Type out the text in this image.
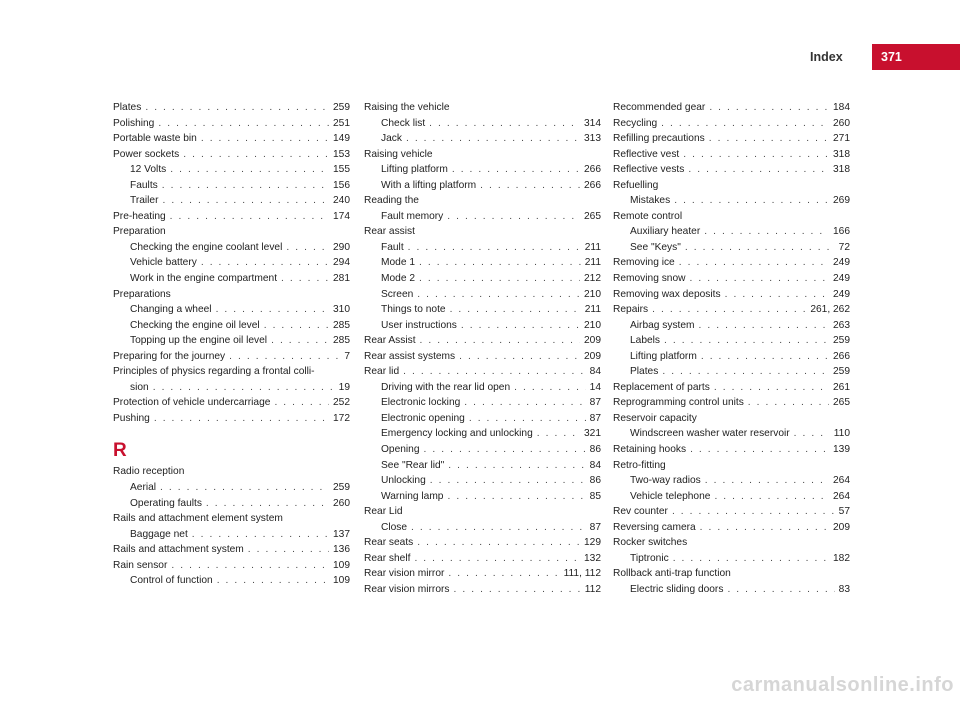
Index	371
Plates . . .	259
Polishing . . .	251
Portable waste bin . . .	149
Power sockets . . .	153
12 Volts . . .	155
Faults . . .	156
Trailer . . .	240
Pre-heating . . .	174
Preparation
Checking the engine coolant level . . .	290
Vehicle battery . . .	294
Work in the engine compartment . . .	281
Preparations
Changing a wheel . . .	310
Checking the engine oil level . . .	285
Topping up the engine oil level . . .	285
Preparing for the journey . . .	7
Principles of physics regarding a frontal colli-
sion . . .	19
Protection of vehicle undercarriage . . .	252
Pushing . . .	172
R
Radio reception
Aerial . . .	259
Operating faults . . .	260
Rails and attachment element system
Baggage net . . .	137
Rails and attachment system . . .	136
Rain sensor . . .	109
Control of function . . .	109
Raising the vehicle
Check list . . .	314
Jack . . .	313
Raising vehicle
Lifting platform . . .	266
With a lifting platform . . .	266
Reading the
Fault memory . . .	265
Rear assist
Fault . . .	211
Mode 1 . . .	211
Mode 2 . . .	212
Screen . . .	210
Things to note . . .	211
User instructions . . .	210
Rear Assist . . .	209
Rear assist systems . . .	209
Rear lid . . .	84
Driving with the rear lid open . . .	14
Electronic locking . . .	87
Electronic opening . . .	87
Emergency locking and unlocking . . .	321
Opening . . .	86
See "Rear lid" . . .	84
Unlocking . . .	86
Warning lamp . . .	85
Rear Lid
Close . . .	87
Rear seats . . .	129
Rear shelf . . .	132
Rear vision mirror . . .	111, 112
Rear vision mirrors . . .	112
Recommended gear . . .	184
Recycling . . .	260
Refilling precautions . . .	271
Reflective vest . . .	318
Reflective vests . . .	318
Refuelling
Mistakes . . .	269
Remote control
Auxiliary heater . . .	166
See "Keys" . . .	72
Removing ice . . .	249
Removing snow . . .	249
Removing wax deposits . . .	249
Repairs . . .	261, 262
Airbag system . . .	263
Labels . . .	259
Lifting platform . . .	266
Plates . . .	259
Replacement of parts . . .	261
Reprogramming control units . . .	265
Reservoir capacity
Windscreen washer water reservoir . . .	110
Retaining hooks . . .	139
Retro-fitting
Two-way radios . . .	264
Vehicle telephone . . .	264
Rev counter . . .	57
Reversing camera . . .	209
Rocker switches
Tiptronic . . .	182
Rollback anti-trap function
Electric sliding doors . . .	83
carmanualsonline.info
